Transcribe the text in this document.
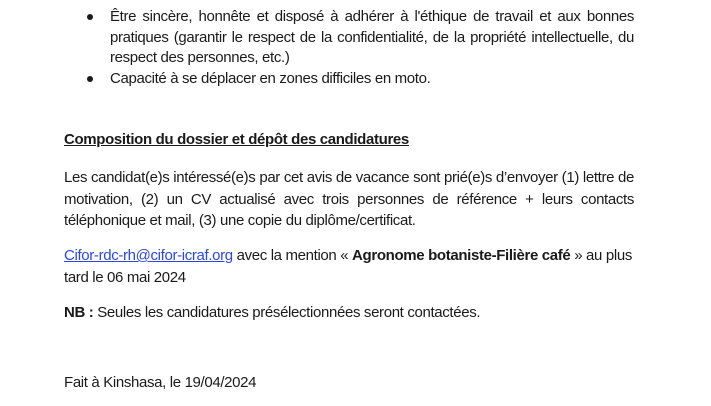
Être sincère, honnête et disposé à adhérer à l'éthique de travail et aux bonnes pratiques (garantir le respect de la confidentialité, de la propriété intellectuelle, du respect des personnes, etc.)
Capacité à se déplacer en zones difficiles en moto.
Composition du dossier et dépôt des candidatures

Les candidat(e)s intéressé(e)s par cet avis de vacance sont prié(e)s d’envoyer (1) lettre de motivation, (2) un CV actualisé avec trois personnes de référence + leurs contacts téléphonique et mail, (3) une copie du diplôme/certificat.

Cifor-rdc-rh@cifor-icraf.org avec la mention « Agronome botaniste-Filière café » au plus tard le 06 mai 2024

NB : Seules les candidatures présélectionnées seront contactées.

Fait à Kinshasa, le 19/04/2024
